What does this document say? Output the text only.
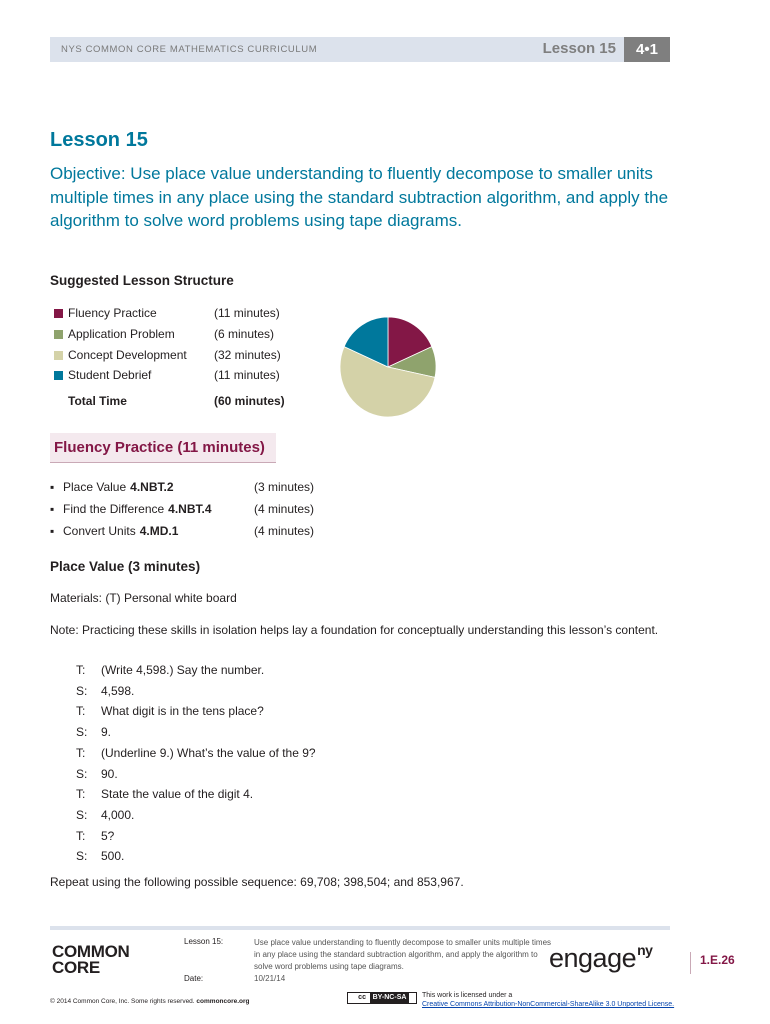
NYS COMMON CORE MATHEMATICS CURRICULUM	Lesson 15	4•1
Lesson 15
Objective: Use place value understanding to fluently decompose to smaller units multiple times in any place using the standard subtraction algorithm, and apply the algorithm to solve word problems using tape diagrams.
Suggested Lesson Structure
Fluency Practice	(11 minutes)
Application Problem	(6 minutes)
Concept Development (32 minutes)
Student Debrief	(11 minutes)
Total Time	(60 minutes)
Fluency Practice (11 minutes)
▪ Place Value 4.NBT.2	(3 minutes)
▪ Find the Difference 4.NBT.4	(4 minutes)
▪ Convert Units 4.MD.1	(4 minutes)
Place Value (3 minutes)
Materials: (T) Personal white board
Note: Practicing these skills in isolation helps lay a foundation for conceptually understanding this lesson’s content.
T:	(Write 4,598.) Say the number.
S:	4,598.
T:	What digit is in the tens place?
S:	9.
T:	(Underline 9.) What’s the value of the 9?
S:	90.
T:	State the value of the digit 4.
S:	4,000.
T:	5?
S:	500.
Repeat using the following possible sequence: 69,708; 398,504; and 853,967.
COMMON
CORE
Lesson 15:
Date:
Use place value understanding to fluently decompose to smaller units multiple times in any place using the standard subtraction algorithm, and apply the algorithm to solve word problems using tape diagrams.
10/21/14
engage$^{ny}$
1.E.26
© 2014 Common Core, Inc. Some rights reserved. commoncore.org
cc BY-NC-SA	This work is licensed under a
Creative Commons Attribution-NonCommercial-ShareAlike 3.0 Unported License.
